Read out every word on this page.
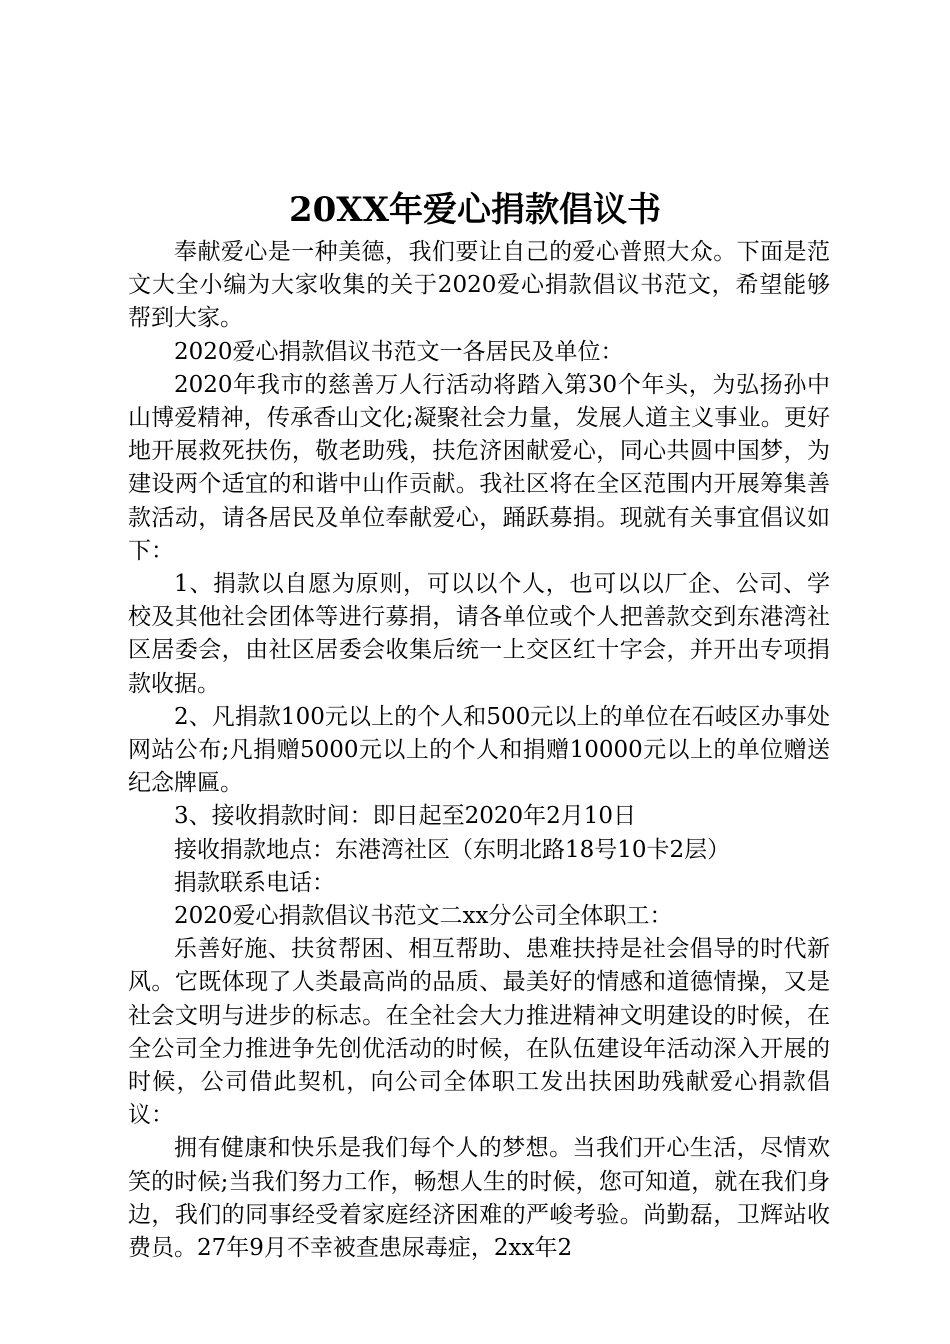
20XX年爱心捐款倡议书

奉献爱心是一种美德，我们要让自己的爱心普照大众。下面是范文大全小编为大家收集的关于2020爱心捐款倡议书范文，希望能够帮到大家。

2020爱心捐款倡议书范文一各居民及单位：

2020年我市的慈善万人行活动将踏入第30个年头，为弘扬孙中山博爱精神，传承香山文化;凝聚社会力量，发展人道主义事业。更好地开展救死扶伤，敬老助残，扶危济困献爱心，同心共圆中国梦，为建设两个适宜的和谐中山作贡献。我社区将在全区范围内开展筹集善款活动，请各居民及单位奉献爱心，踊跃募捐。现就有关事宜倡议如下：

1、捐款以自愿为原则，可以以个人，也可以以厂企、公司、学校及其他社会团体等进行募捐，请各单位或个人把善款交到东港湾社区居委会，由社区居委会收集后统一上交区红十字会，并开出专项捐款收据。

2、凡捐款100元以上的个人和500元以上的单位在石岐区办事处网站公布;凡捐赠5000元以上的个人和捐赠10000元以上的单位赠送纪念牌匾。

3、接收捐款时间：即日起至2020年2月10日

接收捐款地点：东港湾社区（东明北路18号10卡2层）

捐款联系电话：

2020爱心捐款倡议书范文二xx分公司全体职工：

乐善好施、扶贫帮困、相互帮助、患难扶持是社会倡导的时代新风。它既体现了人类最高尚的品质、最美好的情感和道德情操，又是社会文明与进步的标志。在全社会大力推进精神文明建设的时候，在全公司全力推进争先创优活动的时候，在队伍建设年活动深入开展的时候，公司借此契机，向公司全体职工发出扶困助残献爱心捐款倡议：

拥有健康和快乐是我们每个人的梦想。当我们开心生活，尽情欢笑的时候;当我们努力工作，畅想人生的时候，您可知道，就在我们身边，我们的同事经受着家庭经济困难的严峻考验。尚勤磊，卫辉站收费员。27年9月不幸被查患尿毒症，2xx年2
